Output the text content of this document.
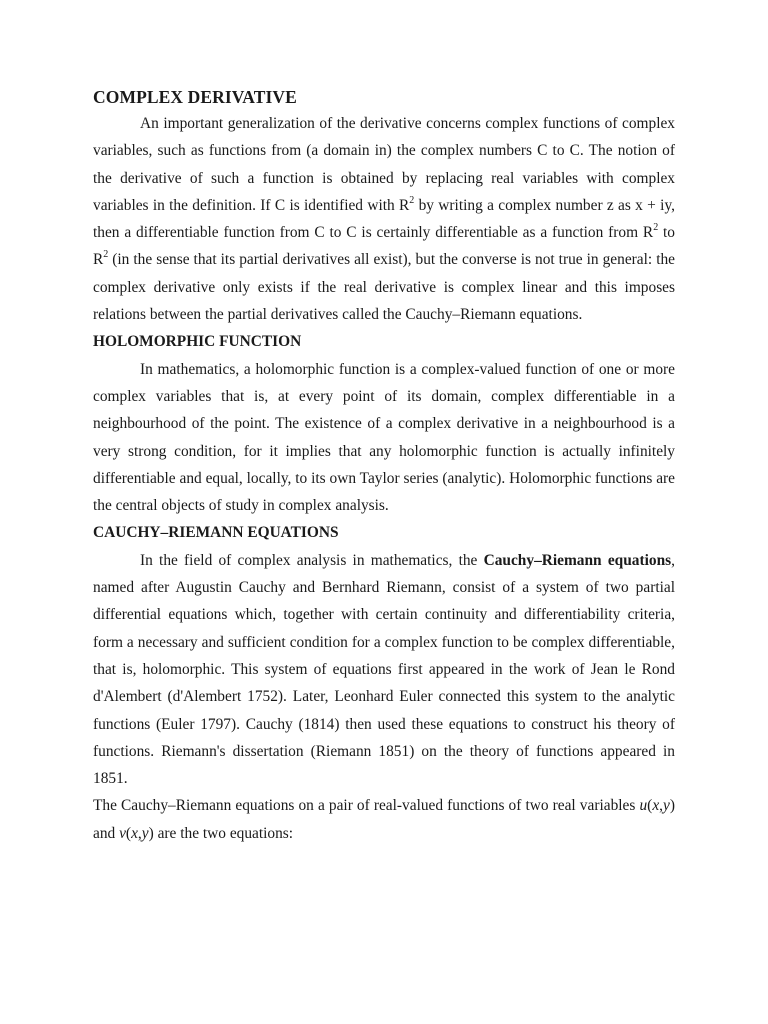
COMPLEX DERIVATIVE

An important generalization of the derivative concerns complex functions of complex variables, such as functions from (a domain in) the complex numbers C to C. The notion of the derivative of such a function is obtained by replacing real variables with complex variables in the definition. If C is identified with $R^2$ by writing a complex number z as x + iy, then a differentiable function from C to C is certainly differentiable as a function from $R^2$ to $R^2$ (in the sense that its partial derivatives all exist), but the converse is not true in general: the complex derivative only exists if the real derivative is complex linear and this imposes relations between the partial derivatives called the Cauchy–Riemann equations.

HOLOMORPHIC FUNCTION

In mathematics, a holomorphic function is a complex-valued function of one or more complex variables that is, at every point of its domain, complex differentiable in a neighbourhood of the point. The existence of a complex derivative in a neighbourhood is a very strong condition, for it implies that any holomorphic function is actually infinitely differentiable and equal, locally, to its own Taylor series (analytic). Holomorphic functions are the central objects of study in complex analysis.

CAUCHY–RIEMANN EQUATIONS

In the field of complex analysis in mathematics, the Cauchy–Riemann equations, named after Augustin Cauchy and Bernhard Riemann, consist of a system of two partial differential equations which, together with certain continuity and differentiability criteria, form a necessary and sufficient condition for a complex function to be complex differentiable, that is, holomorphic. This system of equations first appeared in the work of Jean le Rond d'Alembert (d'Alembert 1752). Later, Leonhard Euler connected this system to the analytic functions (Euler 1797). Cauchy (1814) then used these equations to construct his theory of functions. Riemann's dissertation (Riemann 1851) on the theory of functions appeared in 1851.

The Cauchy–Riemann equations on a pair of real-valued functions of two real variables u(x,y) and v(x,y) are the two equations:
